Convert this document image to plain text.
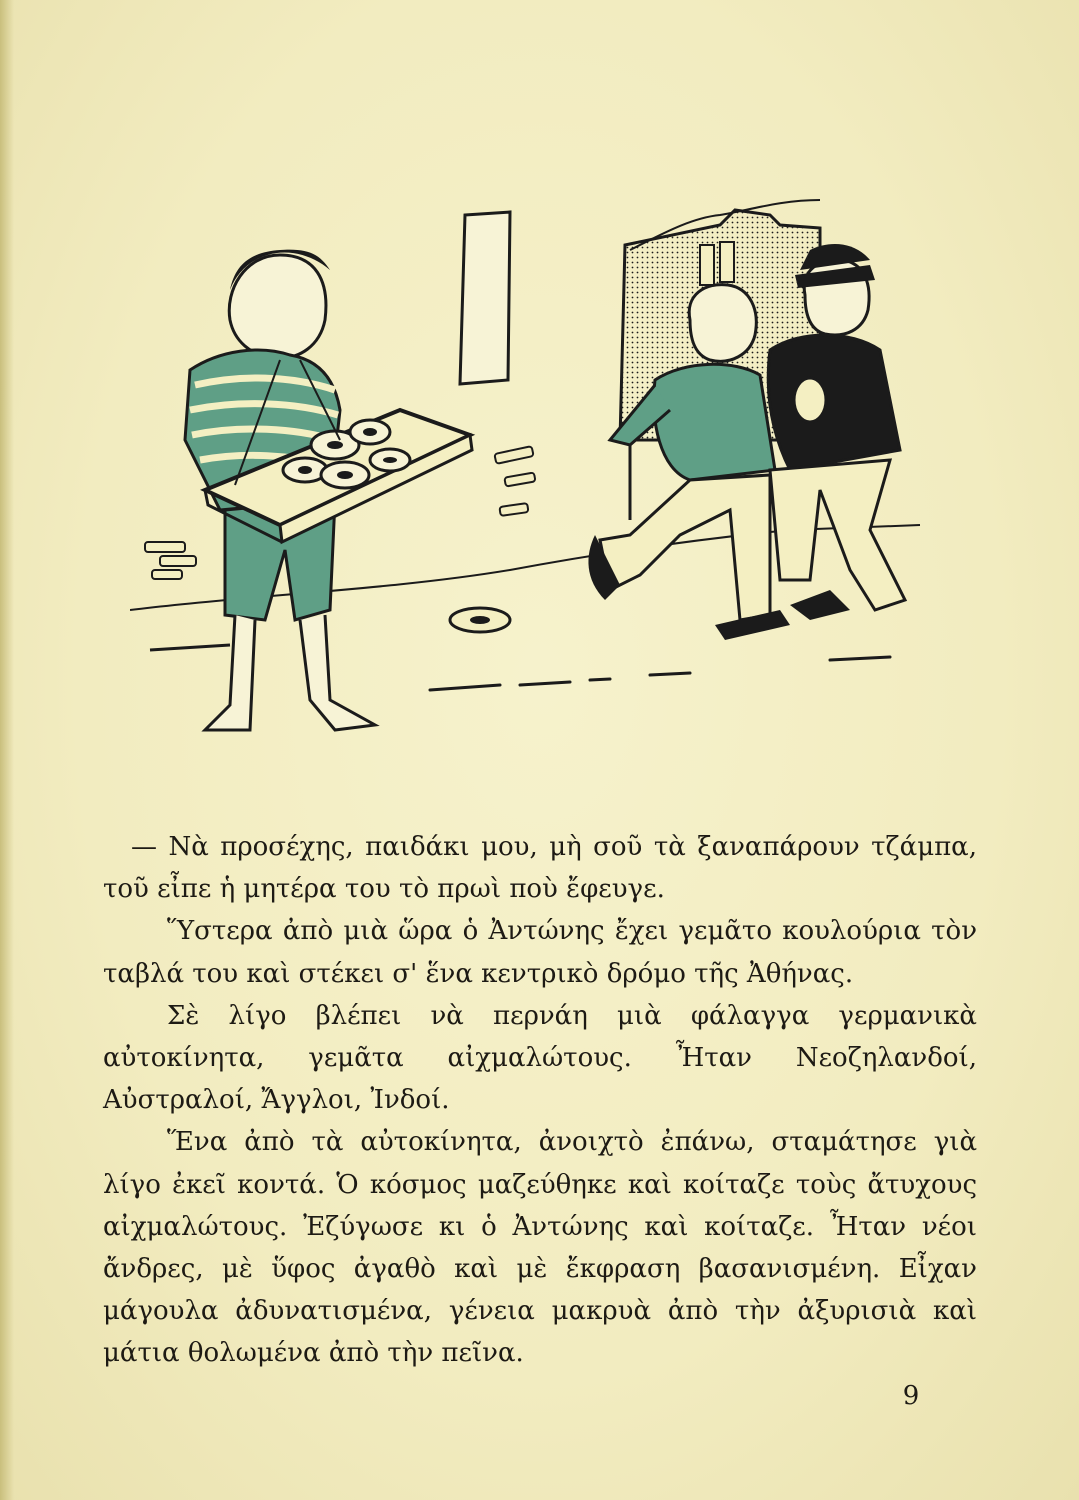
— Νὰ προσέχης, παιδάκι μου, μὴ σοῦ τὰ ξαναπάρουν τζάμπα, τοῦ εἶπε ἡ μητέρα του τὸ πρωὶ ποὺ ἔφευγε.

Ὕστερα ἀπὸ μιὰ ὥρα ὁ Ἀντώνης ἔχει γεμᾶτο κουλούρια τὸν ταβλά του καὶ στέκει σ' ἕνα κεντρικὸ δρόμο τῆς Ἀθήνας.

Σὲ λίγο βλέπει νὰ περνάη μιὰ φάλαγγα γερμανικὰ αὐτοκίνητα, γεμᾶτα αἰχμαλώτους. Ἦταν Νεοζηλανδοί, Αὐστραλοί, Ἄγγλοι, Ἰνδοί.

Ἕνα ἀπὸ τὰ αὐτοκίνητα, ἀνοιχτὸ ἐπάνω, σταμάτησε γιὰ λίγο ἐκεῖ κοντά. Ὁ κόσμος μαζεύθηκε καὶ κοίταζε τοὺς ἄτυχους αἰχμαλώτους. Ἐζύγωσε κι ὁ Ἀντώνης καὶ κοίταζε. Ἦταν νέοι ἄνδρες, μὲ ὕφος ἀγαθὸ καὶ μὲ ἔκφραση βασανισμένη. Εἶχαν μάγουλα ἀδυνατισμένα, γένεια μακρυὰ ἀπὸ τὴν ἀξυρισιὰ καὶ μάτια θολωμένα ἀπὸ τὴν πεῖνα.

9
